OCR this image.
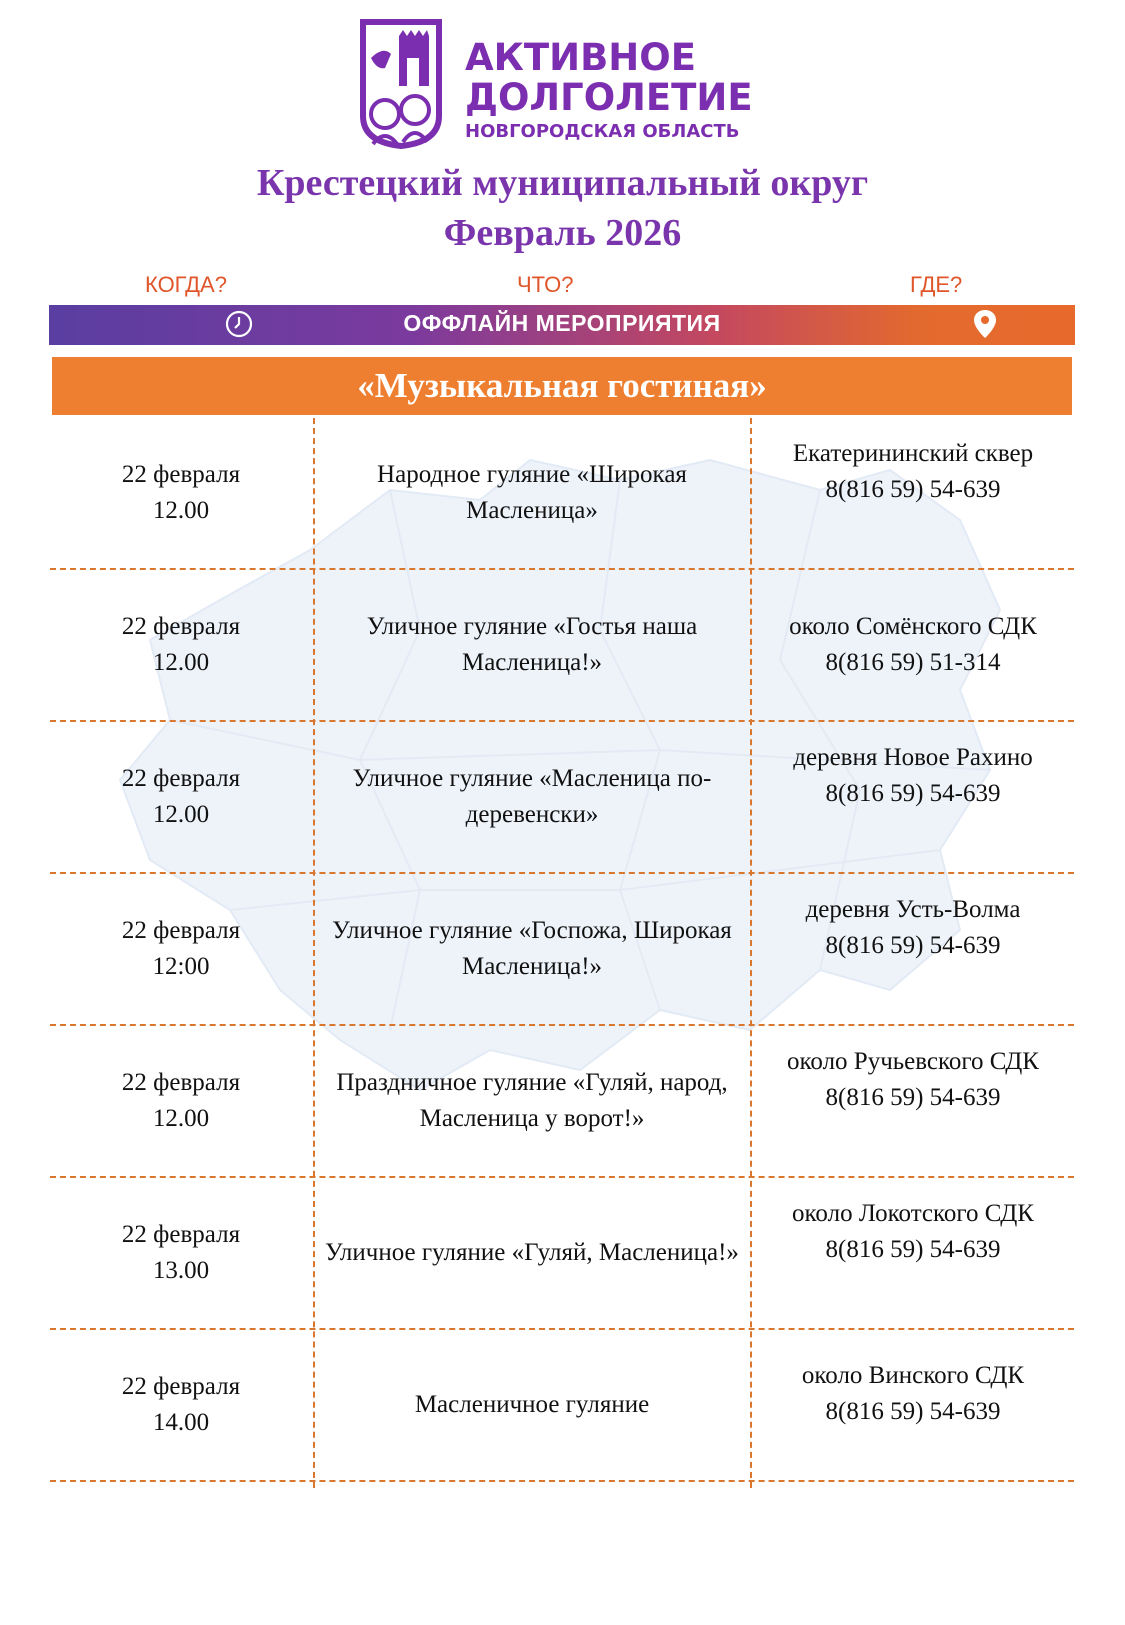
АКТИВНОЕ
ДОЛГОЛЕТИЕ
НОВГОРОДСКАЯ ОБЛАСТЬ
Крестецкий муниципальный округ
Февраль 2026
КОГДА?	ЧТО?	ГДЕ?
ОФФЛАЙН МЕРОПРИЯТИЯ
«Музыкальная гостиная»
22 февраля
12.00
Народное гуляние «Широкая Масленица»
Екатерининский сквер
8(816 59) 54-639
22 февраля
12.00
Уличное гуляние «Гостья наша Масленица!»
около Сомёнского СДК
8(816 59) 51-314
22 февраля
12.00
Уличное гуляние «Масленица по- деревенски»
деревня Новое Рахино
8(816 59) 54-639
22 февраля
12:00
Уличное гуляние «Госпожа, Широкая Масленица!»
деревня Усть-Волма
8(816 59) 54-639
22 февраля
12.00
Праздничное гуляние «Гуляй, народ, Масленица у ворот!»
около Ручьевского СДК
8(816 59) 54-639
22 февраля
13.00
Уличное гуляние «Гуляй, Масленица!»
около Локотского СДК
8(816 59) 54-639
22 февраля
14.00
Масленичное гуляние
около Винского СДК
8(816 59) 54-639
